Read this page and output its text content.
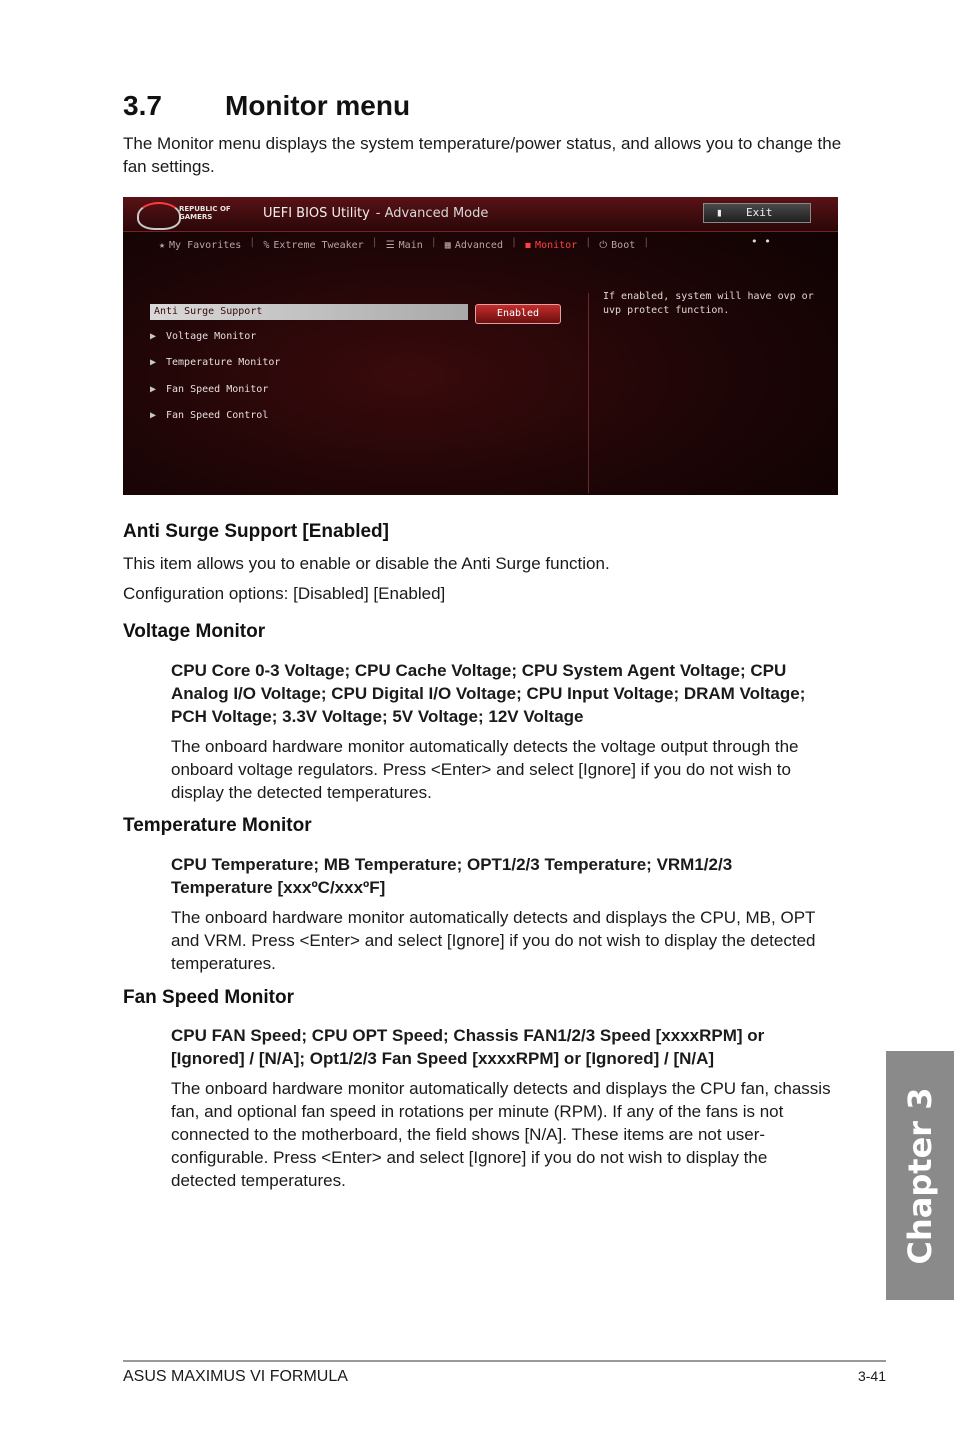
3.7 Monitor menu

The Monitor menu displays the system temperature/power status, and allows you to change the fan settings.

REPUBLIC OF
GAMERS	UEFI BIOS Utility - Advanced Mode	▮ Exit
★ My Favorites | % Extreme Tweaker | ☰ Main | ▦ Advanced | ◼ Monitor | ⏻ Boot |	• •
Anti Surge Support
▶ Voltage Monitor
▶ Temperature Monitor
▶ Fan Speed Monitor
▶ Fan Speed Control
Enabled
If enabled, system will have ovp or uvp protect function.
Anti Surge Support [Enabled]

This item allows you to enable or disable the Anti Surge function.

Configuration options: [Disabled] [Enabled]

Voltage Monitor

CPU Core 0-3 Voltage; CPU Cache Voltage; CPU System Agent Voltage; CPU Analog I/O Voltage; CPU Digital I/O Voltage; CPU Input Voltage; DRAM Voltage; PCH Voltage; 3.3V Voltage; 5V Voltage; 12V Voltage

The onboard hardware monitor automatically detects the voltage output through the onboard voltage regulators. Press <Enter> and select [Ignore] if you do not wish to display the detected temperatures.

Temperature Monitor

CPU Temperature; MB Temperature; OPT1/2/3 Temperature; VRM1/2/3 Temperature [xxxºC/xxxºF]

The onboard hardware monitor automatically detects and displays the CPU, MB, OPT and VRM. Press <Enter> and select [Ignore] if you do not wish to display the detected temperatures.

Fan Speed Monitor

CPU FAN Speed; CPU OPT Speed; Chassis FAN1/2/3 Speed [xxxxRPM] or [Ignored] / [N/A]; Opt1/2/3 Fan Speed [xxxxRPM] or [Ignored] / [N/A]

The onboard hardware monitor automatically detects and displays the CPU fan, chassis fan, and optional fan speed in rotations per minute (RPM). If any of the fans is not connected to the motherboard, the field shows [N/A]. These items are not user-configurable. Press <Enter> and select [Ignore] if you do not wish to display the detected temperatures.	Chapter 3
ASUS MAXIMUS VI FORMULA	3-41
